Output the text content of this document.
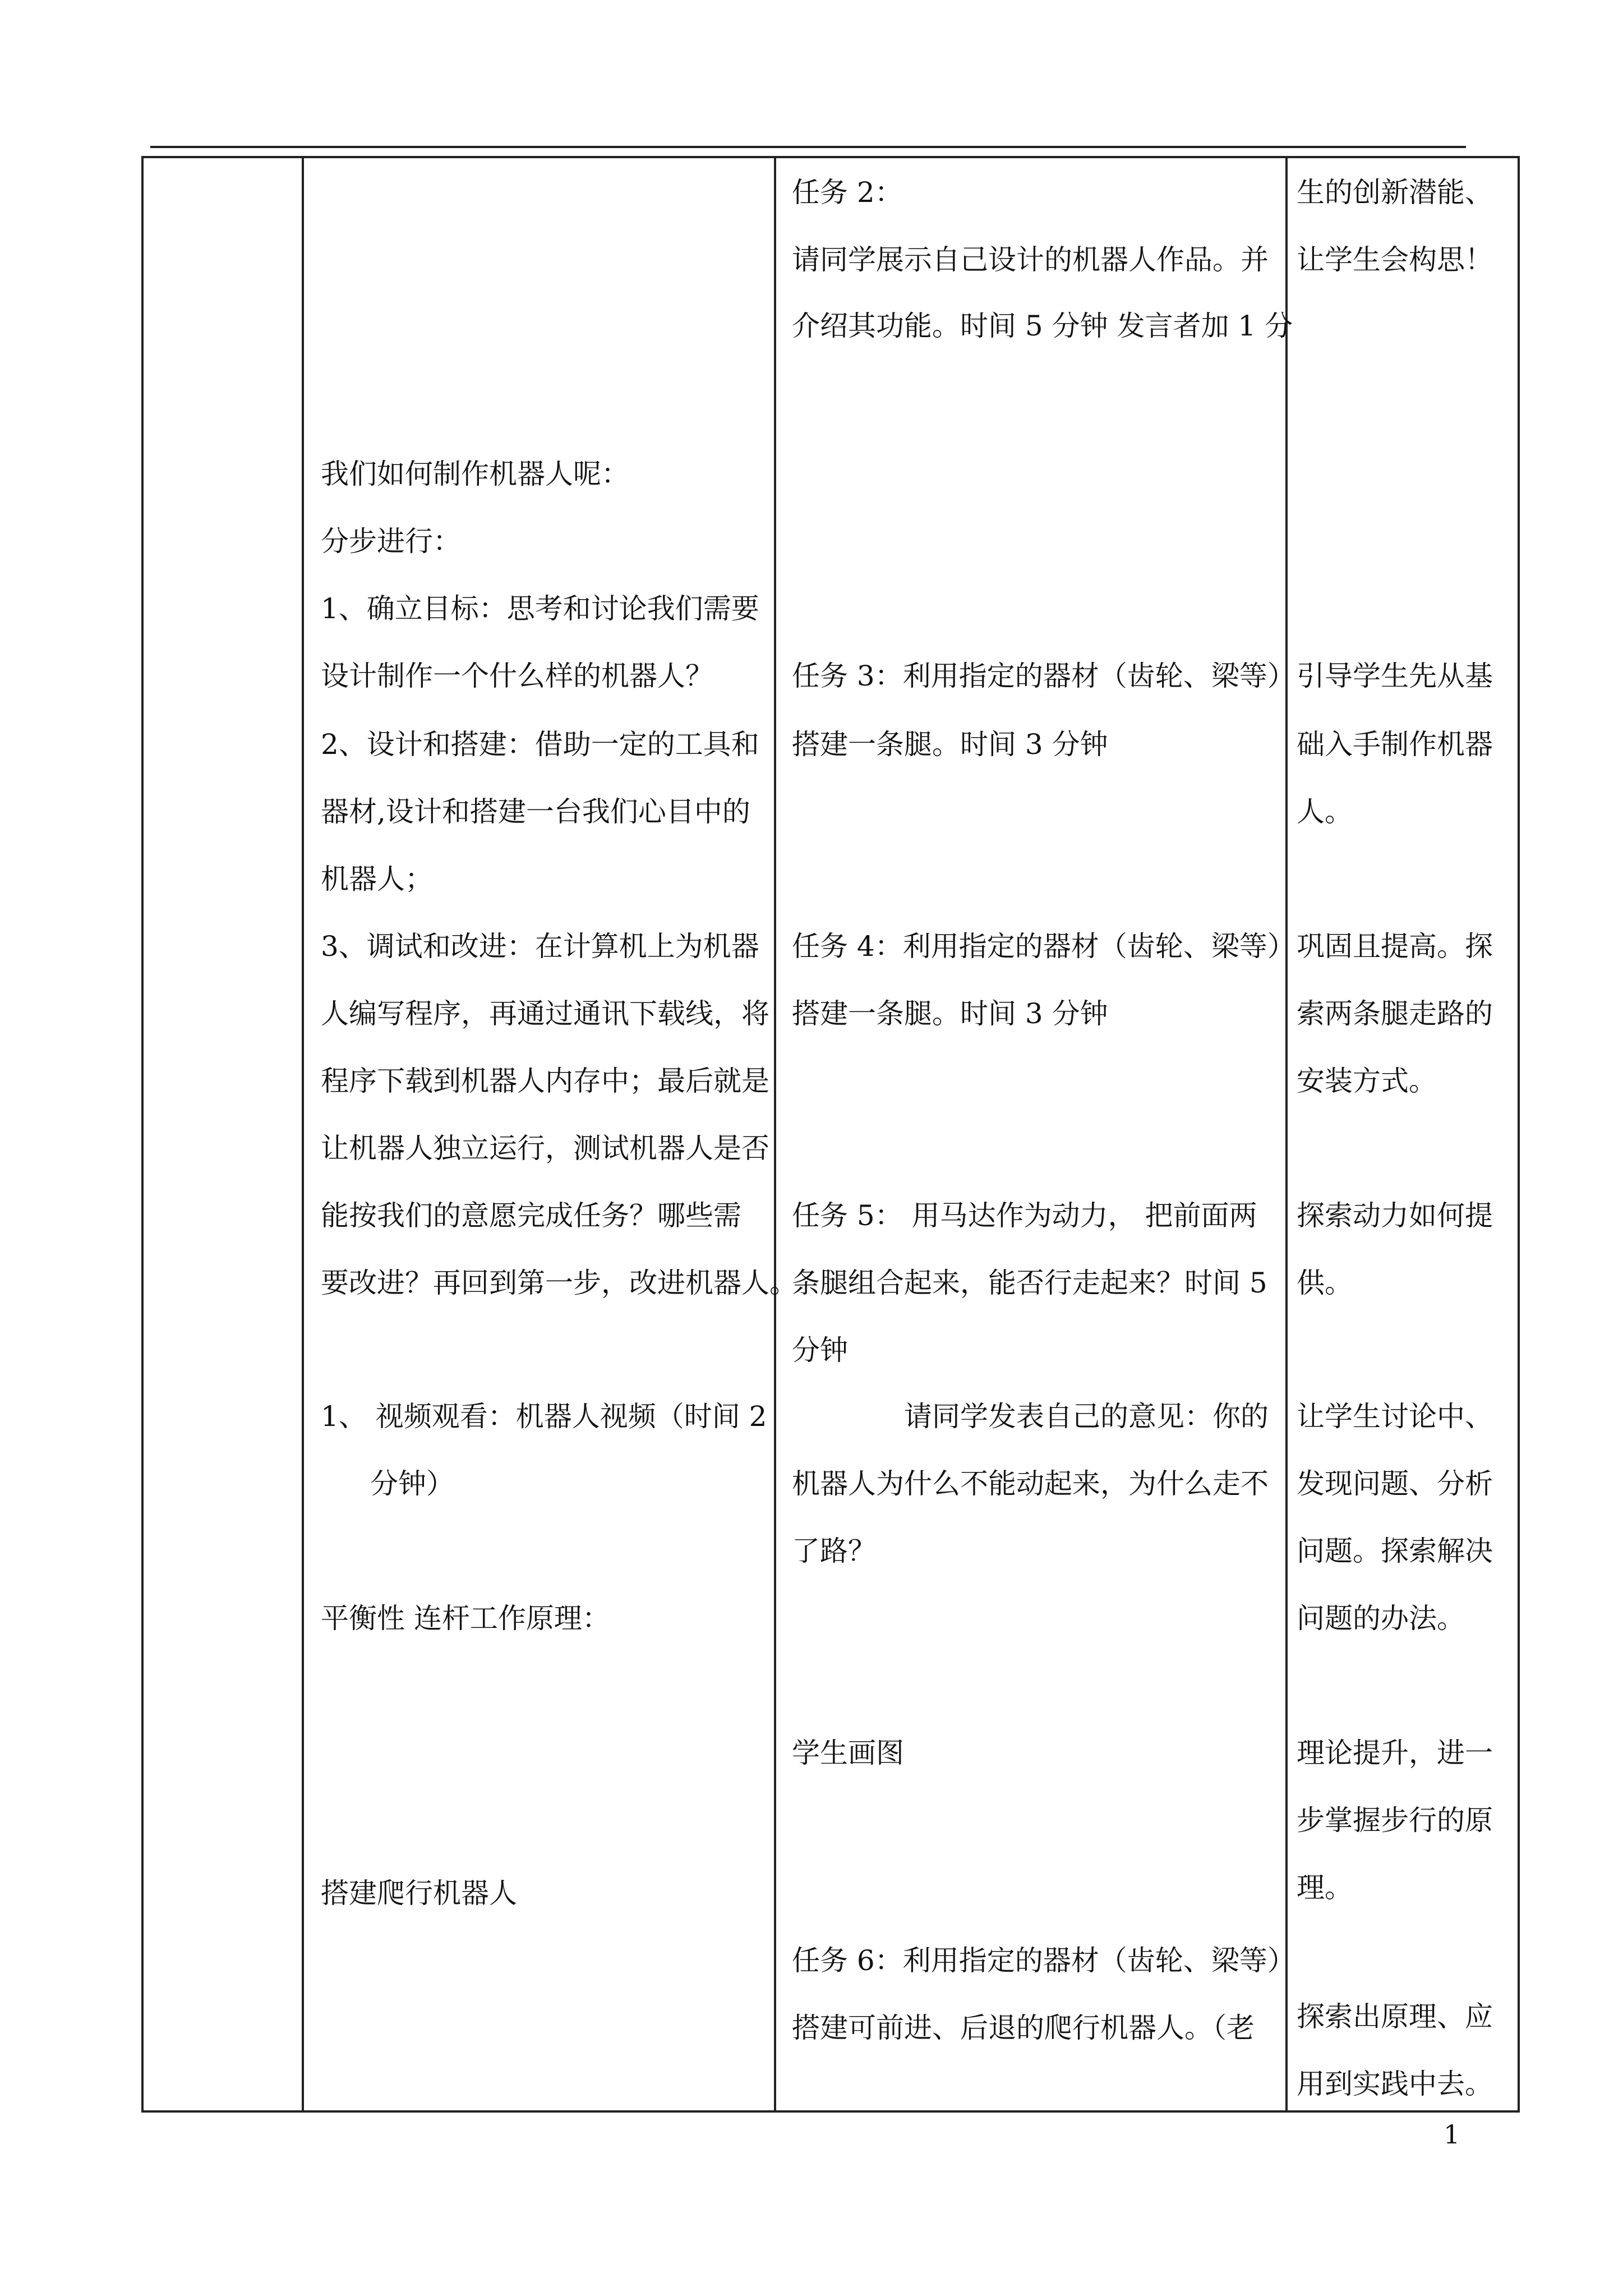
我们如何制作机器人呢：
分步进行：
1、确立目标：思考和讨论我们需要
设计制作一个什么样的机器人？
2、设计和搭建：借助一定的工具和
器材,设计和搭建一台我们心目中的
机器人；
3、调试和改进：在计算机上为机器
人编写程序，再通过通讯下载线，将
程序下载到机器人内存中；最后就是
让机器人独立运行，测试机器人是否
能按我们的意愿完成任务？哪些需
要改进？再回到第一步，改进机器人。
1、 视频观看：机器人视频（时间 2
分钟）
平衡性 连杆工作原理：
搭建爬行机器人
任务 2：
请同学展示自己设计的机器人作品。并
介绍其功能。时间 5 分钟 发言者加 1 分
任务 3：利用指定的器材（齿轮、梁等）
搭建一条腿。时间 3 分钟
任务 4：利用指定的器材（齿轮、梁等）
搭建一条腿。时间 3 分钟
任务 5： 用马达作为动力， 把前面两
条腿组合起来，能否行走起来？时间 5
分钟
请同学发表自己的意见：你的
机器人为什么不能动起来，为什么走不
了路？
学生画图
任务 6：利用指定的器材（齿轮、梁等）
搭建可前进、后退的爬行机器人。（老
生的创新潜能、
让学生会构思！
引导学生先从基
础入手制作机器
人。
巩固且提高。探
索两条腿走路的
安装方式。
探索动力如何提
供。
让学生讨论中、
发现问题、分析
问题。探索解决
问题的办法。
理论提升，进一
步掌握步行的原
理。
探索出原理、应
用到实践中去。
1
